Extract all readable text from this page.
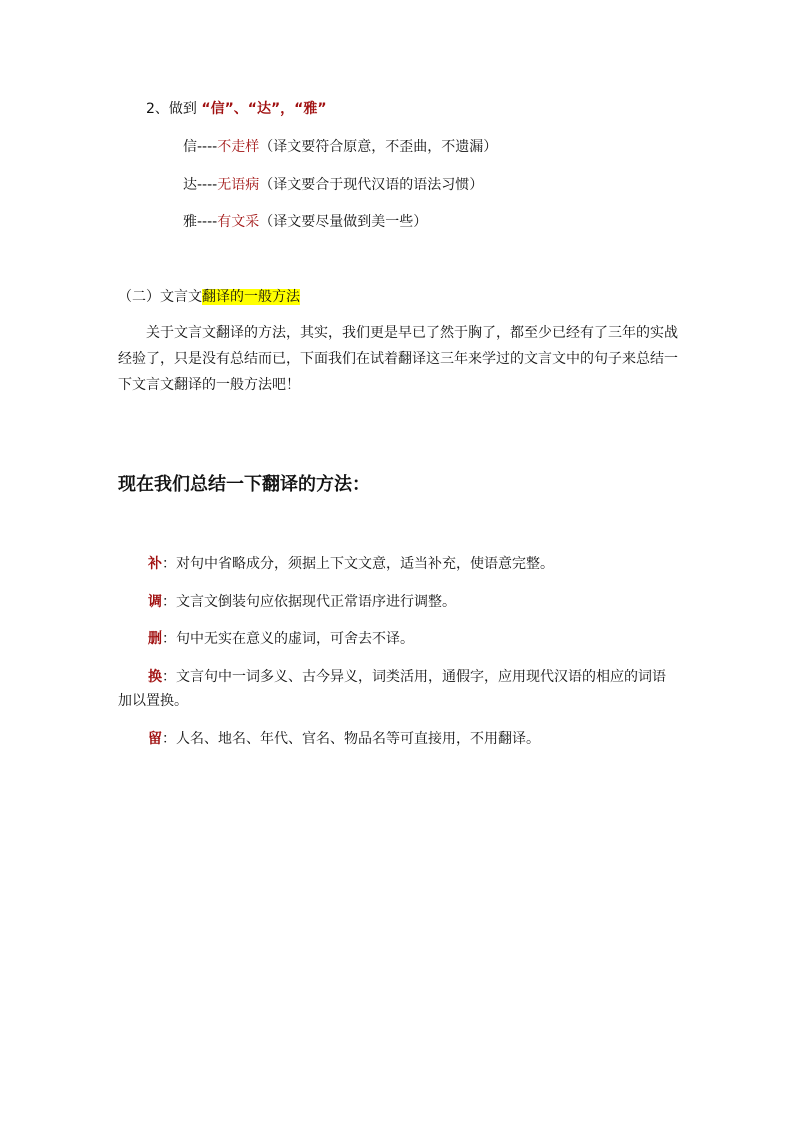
2、做到 “信”、“达”，“雅”
信----不走样（译文要符合原意，不歪曲，不遗漏）
达----无语病（译文要合于现代汉语的语法习惯）
雅----有文采（译文要尽量做到美一些）
（二）文言文翻译的一般方法
关于文言文翻译的方法，其实，我们更是早已了然于胸了，都至少已经有了三年的实战经验了，只是没有总结而已，下面我们在试着翻译这三年来学过的文言文中的句子来总结一下文言文翻译的一般方法吧！
现在我们总结一下翻译的方法：
补：对句中省略成分，须据上下文文意，适当补充，使语意完整。
调：文言文倒装句应依据现代正常语序进行调整。
删：句中无实在意义的虚词，可舍去不译。
换：文言句中一词多义、古今异义，词类活用，通假字，应用现代汉语的相应的词语加以置换。
留：人名、地名、年代、官名、物品名等可直接用，不用翻译。
